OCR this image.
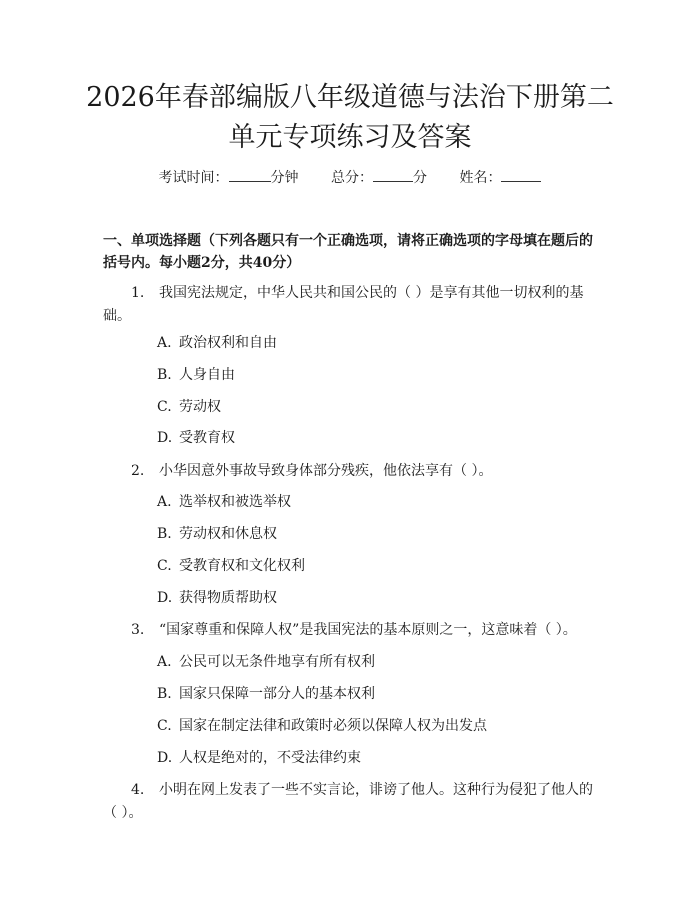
2026年春部编版八年级道德与法治下册第二单元专项练习及答案
考试时间：	分钟 总分：	分 姓名：
一、单项选择题（下列各题只有一个正确选项，请将正确选项的字母填在题后的括号内。每小题2分，共40分）
1. 我国宪法规定，中华人民共和国公民的（ ）是享有其他一切权利的基础。
A. 政治权利和自由
B. 人身自由
C. 劳动权
D. 受教育权
2. 小华因意外事故导致身体部分残疾，他依法享有（ ）。
A. 选举权和被选举权
B. 劳动权和休息权
C. 受教育权和文化权利
D. 获得物质帮助权
3. “国家尊重和保障人权”是我国宪法的基本原则之一，这意味着（ ）。
A. 公民可以无条件地享有所有权利
B. 国家只保障一部分人的基本权利
C. 国家在制定法律和政策时必须以保障人权为出发点
D. 人权是绝对的，不受法律约束
4. 小明在网上发表了一些不实言论，诽谤了他人。这种行为侵犯了他人的（ ）。
